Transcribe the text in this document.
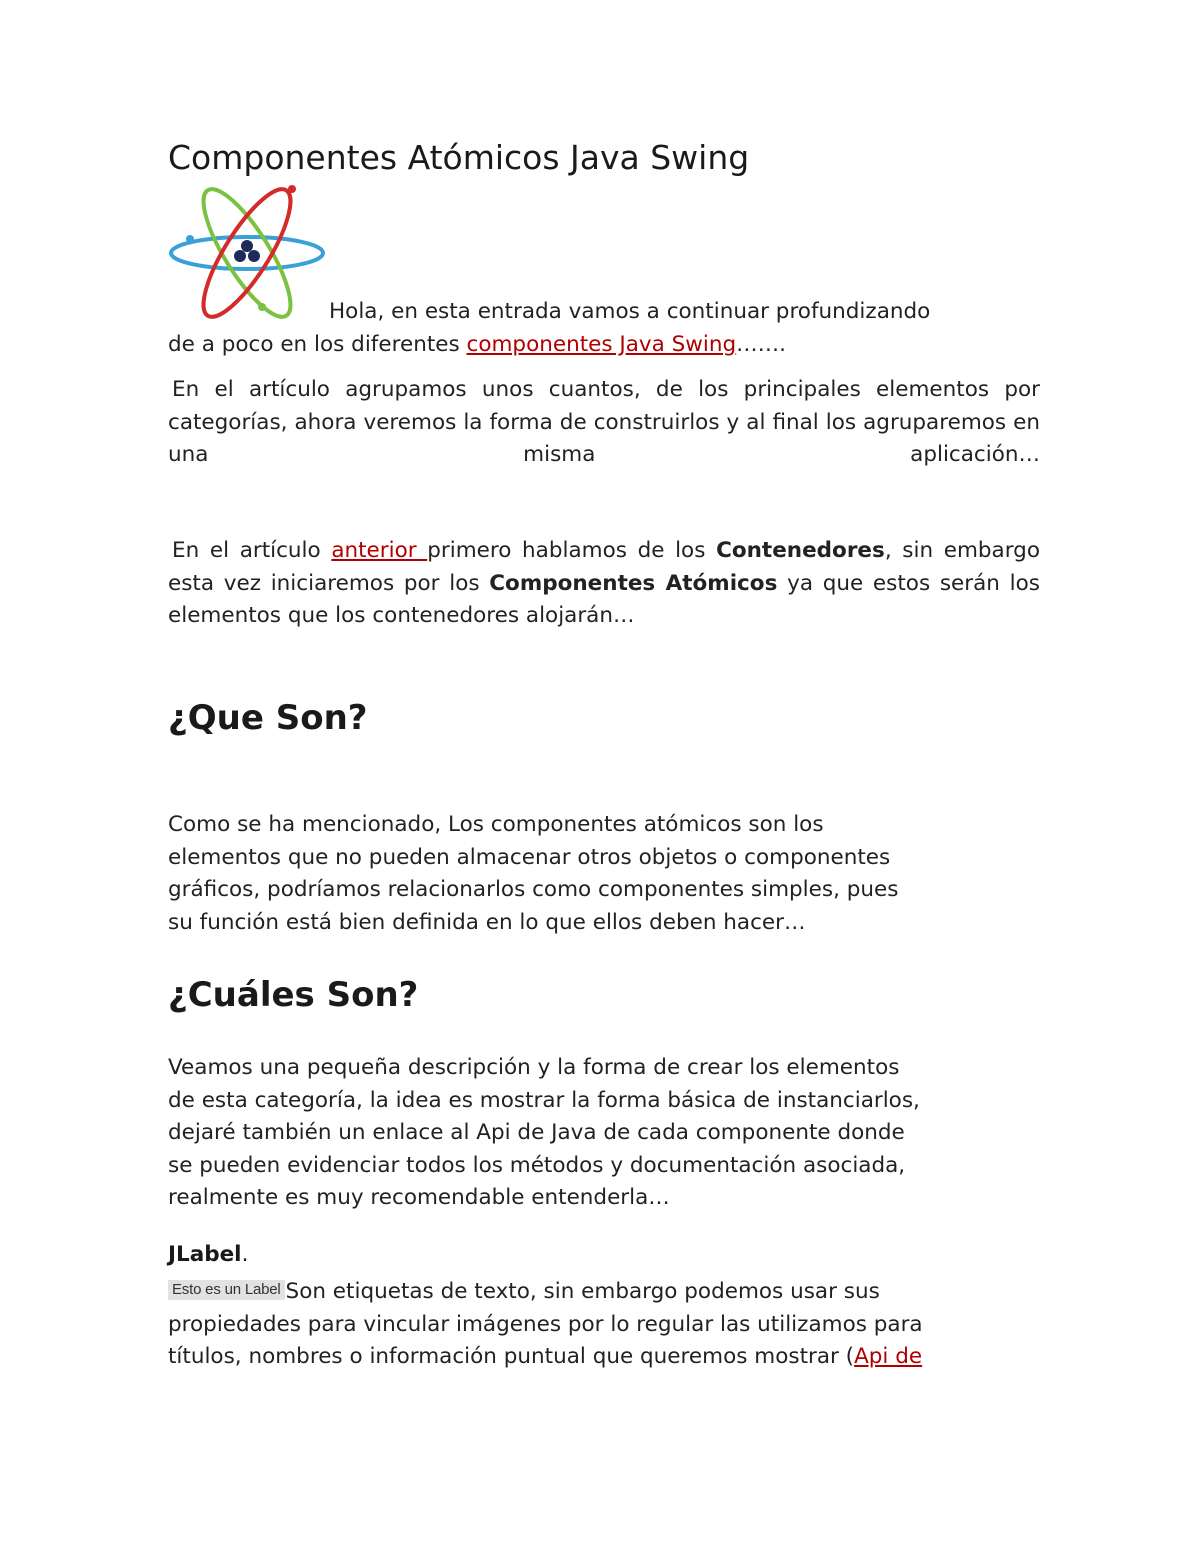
Componentes Atómicos Java Swing

Hola, en esta entrada vamos a continuar profundizando
de a poco en los diferentes componentes Java Swing…….

En el artículo agrupamos unos cuantos, de los principales elementos por categorías, ahora veremos la forma de construirlos y al final los agruparemos en una misma aplicación…

En el artículo anterior primero hablamos de los Contenedores, sin embargo esta vez iniciaremos por los Componentes Atómicos ya que estos serán los elementos que los contenedores alojarán…

¿Que Son?

Como se ha mencionado, Los componentes atómicos son los
elementos que no pueden almacenar otros objetos o componentes
gráficos, podríamos relacionarlos como componentes simples, pues
su función está bien definida en lo que ellos deben hacer…

¿Cuáles Son?

Veamos una pequeña descripción y la forma de crear los elementos
de esta categoría, la idea es mostrar la forma básica de instanciarlos,
dejaré también un enlace al Api de Java de cada componente donde
se pueden evidenciar todos los métodos y documentación asociada,
realmente es muy recomendable entenderla…

JLabel.

Esto es un Label Son etiquetas de texto, sin embargo podemos usar sus
propiedades para vincular imágenes por lo regular las utilizamos para
títulos, nombres o información puntual que queremos mostrar (Api de
